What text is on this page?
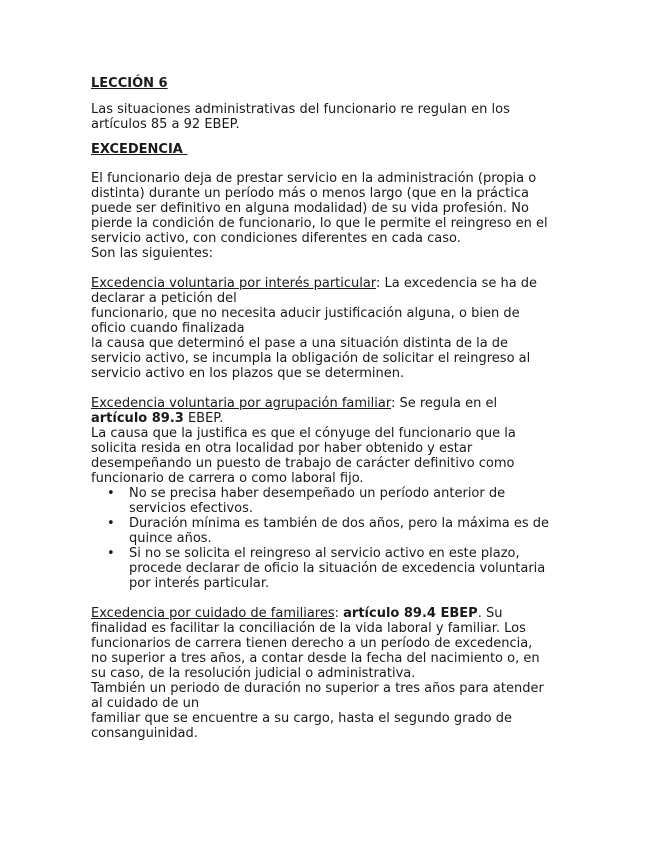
LECCIÓN 6

Las situaciones administrativas del funcionario re regulan en los artículos 85 a 92 EBEP.

EXCEDENCIA

El funcionario deja de prestar servicio en la administración (propia o distinta) durante un período más o menos largo (que en la práctica puede ser definitivo en alguna modalidad) de su vida profesión. No pierde la condición de funcionario, lo que le permite el reingreso en el servicio activo, con condiciones diferentes en cada caso.

Son las siguientes:

Excedencia voluntaria por interés particular: La excedencia se ha de declarar a petición del

funcionario, que no necesita aducir justificación alguna, o bien de oficio cuando finalizada

la causa que determinó el pase a una situación distinta de la de servicio activo, se incumpla la obligación de solicitar el reingreso al servicio activo en los plazos que se determinen.

Excedencia voluntaria por agrupación familiar: Se regula en el artículo 89.3 EBEP.

La causa que la justifica es que el cónyuge del funcionario que la solicita resida en otra localidad por haber obtenido y estar desempeñando un puesto de trabajo de carácter definitivo como funcionario de carrera o como laboral fijo.

• No se precisa haber desempeñado un período anterior de servicios efectivos.
• Duración mínima es también de dos años, pero la máxima es de quince años.
• Si no se solicita el reingreso al servicio activo en este plazo, procede declarar de oficio la situación de excedencia voluntaria por interés particular.

Excedencia por cuidado de familiares: artículo 89.4 EBEP. Su finalidad es facilitar la conciliación de la vida laboral y familiar. Los funcionarios de carrera tienen derecho a un período de excedencia, no superior a tres años, a contar desde la fecha del nacimiento o, en su caso, de la resolución judicial o administrativa.

También un periodo de duración no superior a tres años para atender al cuidado de un

familiar que se encuentre a su cargo, hasta el segundo grado de consanguinidad.
